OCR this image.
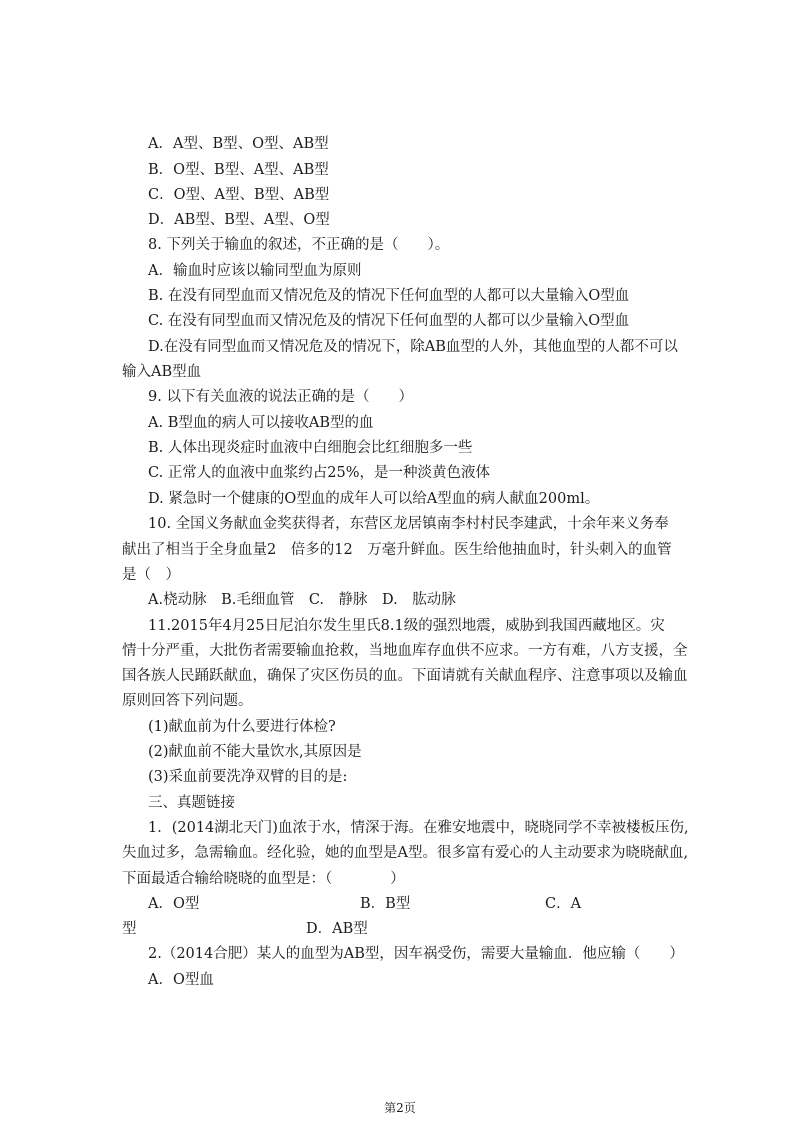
A．A型、B型、O型、AB型
B．O型、B型、A型、AB型
C．O型、A型、B型、AB型
D．AB型、B型、A型、O型
8. 下列关于输血的叙述，不正确的是（　　）。
A．输血时应该以输同型血为原则
B. 在没有同型血而又情况危及的情况下任何血型的人都可以大量输入O型血
C. 在没有同型血而又情况危及的情况下任何血型的人都可以少量输入O型血
D.在没有同型血而又情况危及的情况下，除AB血型的人外，其他血型的人都不可以
输入AB型血
9. 以下有关血液的说法正确的是（　　）
A. B型血的病人可以接收AB型的血
B. 人体出现炎症时血液中白细胞会比红细胞多一些
C. 正常人的血液中血浆约占25%，是一种淡黄色液体
D. 紧急时一个健康的O型血的成年人可以给A型血的病人献血200ml。
10. 全国义务献血金奖获得者，东营区龙居镇南李村村民李建武，十余年来义务奉
献出了相当于全身血量2　倍多的12　万毫升鲜血。医生给他抽血时，针头刺入的血管
是（　）
A.桡动脉　B.毛细血管　C.　静脉　D.　肱动脉
11.2015年4月25日尼泊尔发生里氏8.1级的强烈地震，威胁到我国西藏地区。灾
情十分严重，大批伤者需要输血抢救，当地血库存血供不应求。一方有难，八方支援，全
国各族人民踊跃献血，确保了灾区伤员的血。下面请就有关献血程序、注意事项以及输血
原则回答下列问题。
(1)献血前为什么要进行体检?
(2)献血前不能大量饮水,其原因是
(3)采血前要洗净双臂的目的是:
三、真题链接
1．(2014湖北天门)血浓于水，情深于海。在雅安地震中，晓晓同学不幸被楼板压伤,
失血过多，急需输血。经化验，她的血型是A型。很多富有爱心的人主动要求为晓晓献血,
下面最适合输给晓晓的血型是：（　　　　）
A．O型	B．B型	C．A
型	D．AB型
2.（2014合肥）某人的血型为AB型，因车祸受伤，需要大量输血．他应输（　　）
A．O型血
第2页
